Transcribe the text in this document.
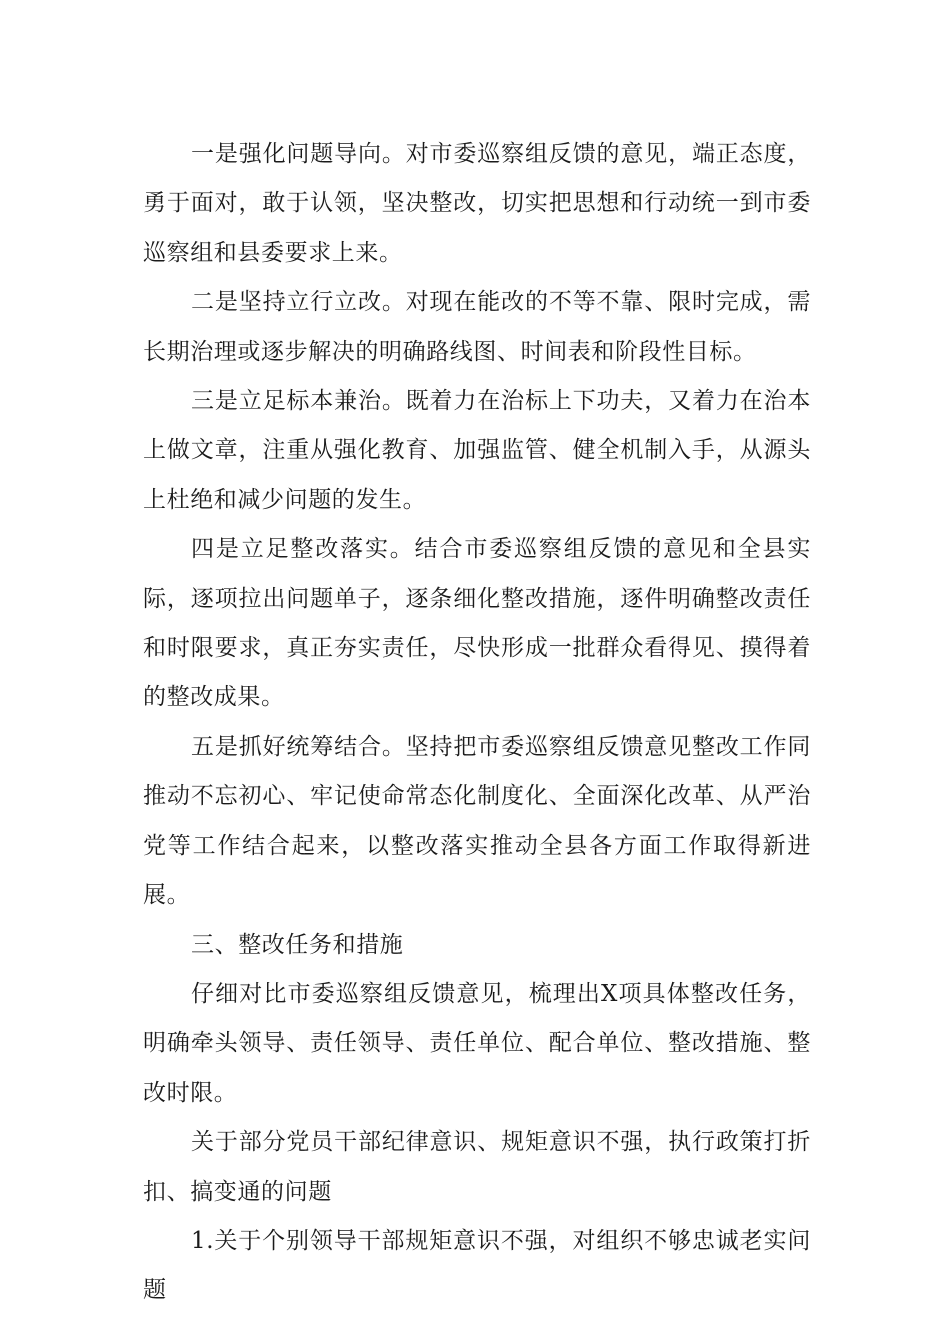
一是强化问题导向。对市委巡察组反馈的意见，端正态度，勇于面对，敢于认领，坚决整改，切实把思想和行动统一到市委巡察组和县委要求上来。

二是坚持立行立改。对现在能改的不等不靠、限时完成，需长期治理或逐步解决的明确路线图、时间表和阶段性目标。

三是立足标本兼治。既着力在治标上下功夫，又着力在治本上做文章，注重从强化教育、加强监管、健全机制入手，从源头上杜绝和减少问题的发生。

四是立足整改落实。结合市委巡察组反馈的意见和全县实际，逐项拉出问题单子，逐条细化整改措施，逐件明确整改责任和时限要求，真正夯实责任，尽快形成一批群众看得见、摸得着的整改成果。

五是抓好统筹结合。坚持把市委巡察组反馈意见整改工作同推动不忘初心、牢记使命常态化制度化、全面深化改革、从严治党等工作结合起来，以整改落实推动全县各方面工作取得新进展。

三、整改任务和措施

仔细对比市委巡察组反馈意见，梳理出X项具体整改任务，明确牵头领导、责任领导、责任单位、配合单位、整改措施、整改时限。

关于部分党员干部纪律意识、规矩意识不强，执行政策打折扣、搞变通的问题

1.关于个别领导干部规矩意识不强，对组织不够忠诚老实问题
